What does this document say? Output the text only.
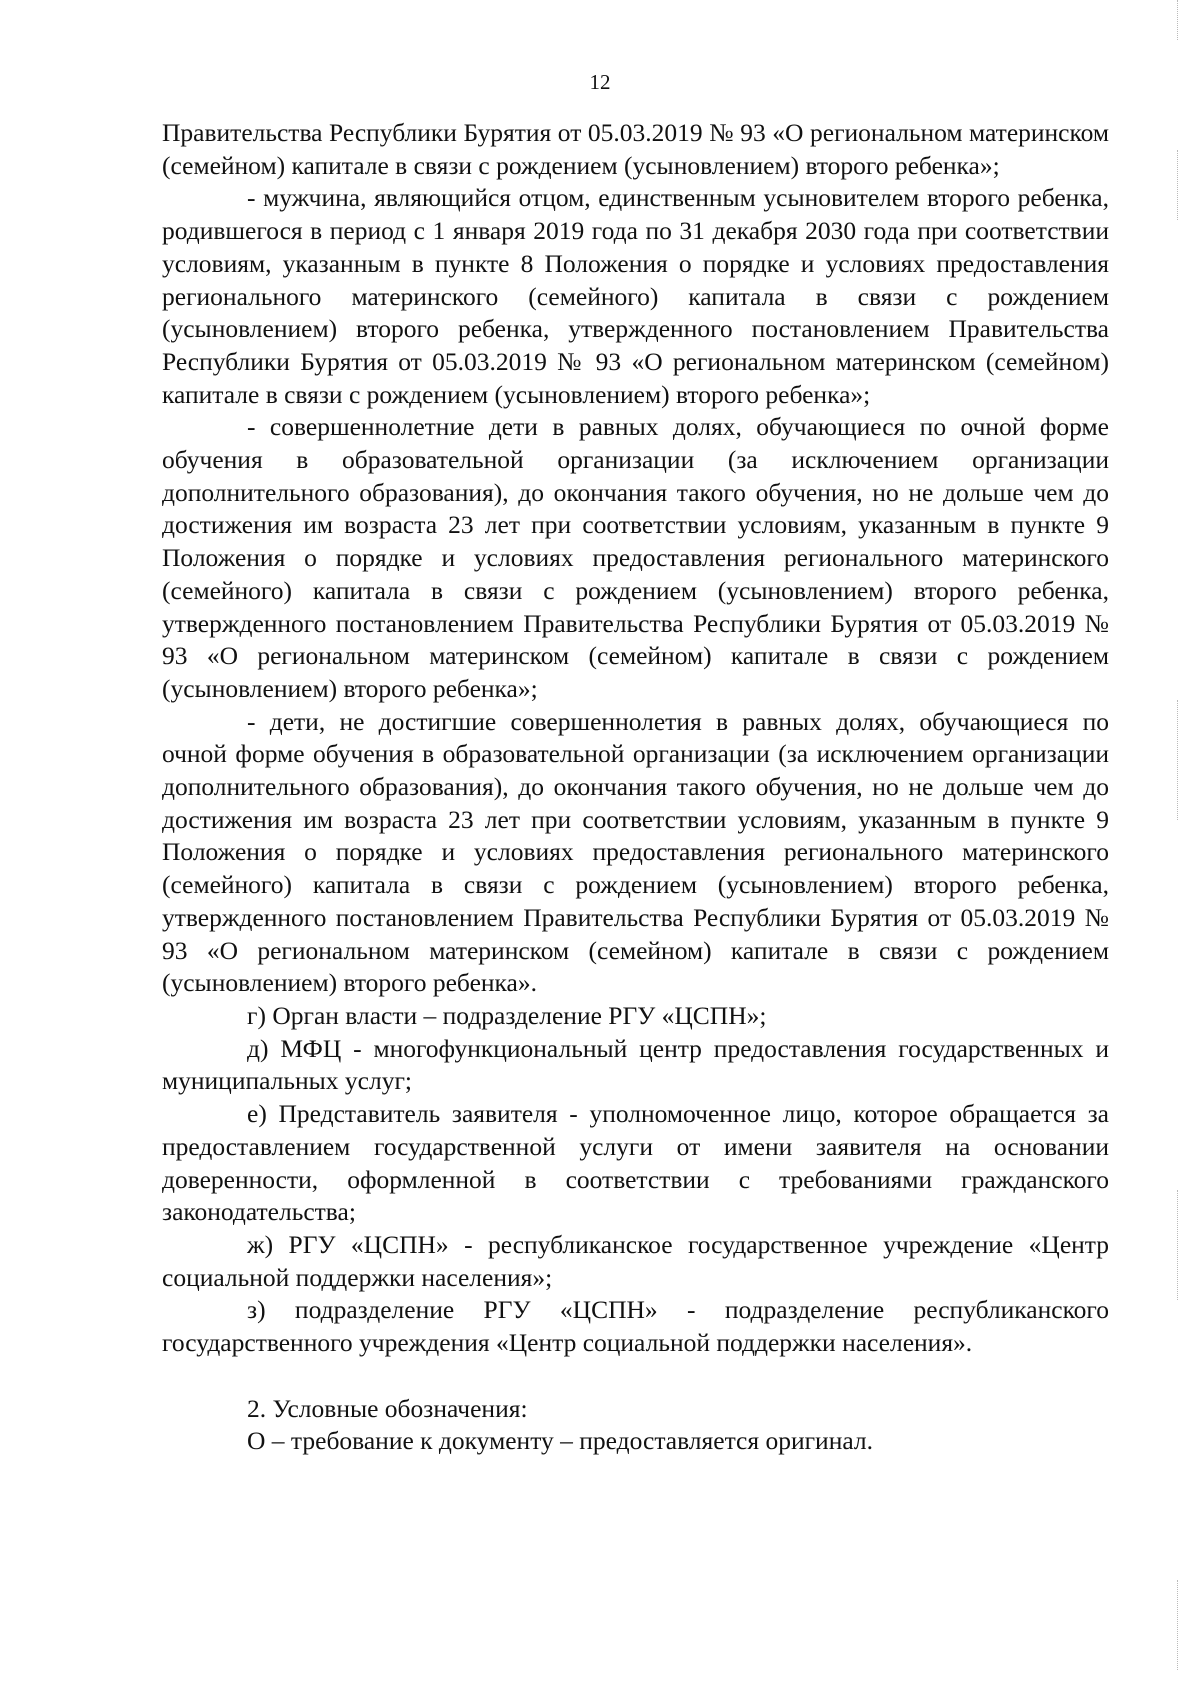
12

Правительства Республики Бурятия от 05.03.2019 № 93 «О региональном материнском (семейном) капитале в связи с рождением (усыновлением) второго ребенка»;

- мужчина, являющийся отцом, единственным усыновителем второго ребенка, родившегося в период с 1 января 2019 года по 31 декабря 2030 года при соответствии условиям, указанным в пункте 8 Положения о порядке и условиях предоставления регионального материнского (семейного) капитала в связи с рождением (усыновлением) второго ребенка, утвержденного постановлением Правительства Республики Бурятия от 05.03.2019 № 93 «О региональном материнском (семейном) капитале в связи с рождением (усыновлением) второго ребенка»;

- совершеннолетние дети в равных долях, обучающиеся по очной форме обучения в образовательной организации (за исключением организации дополнительного образования), до окончания такого обучения, но не дольше чем до достижения им возраста 23 лет при соответствии условиям, указанным в пункте 9 Положения о порядке и условиях предоставления регионального материнского (семейного) капитала в связи с рождением (усыновлением) второго ребенка, утвержденного постановлением Правительства Республики Бурятия от 05.03.2019 № 93 «О региональном материнском (семейном) капитале в связи с рождением (усыновлением) второго ребенка»;

- дети, не достигшие совершеннолетия в равных долях, обучающиеся по очной форме обучения в образовательной организации (за исключением организации дополнительного образования), до окончания такого обучения, но не дольше чем до достижения им возраста 23 лет при соответствии условиям, указанным в пункте 9 Положения о порядке и условиях предоставления регионального материнского (семейного) капитала в связи с рождением (усыновлением) второго ребенка, утвержденного постановлением Правительства Республики Бурятия от 05.03.2019 № 93 «О региональном материнском (семейном) капитале в связи с рождением (усыновлением) второго ребенка».

г) Орган власти – подразделение РГУ «ЦСПН»;

д) МФЦ - многофункциональный центр предоставления государственных и муниципальных услуг;

е) Представитель заявителя - уполномоченное лицо, которое обращается за предоставлением государственной услуги от имени заявителя на основании доверенности, оформленной в соответствии с требованиями гражданского законодательства;

ж) РГУ «ЦСПН» - республиканское государственное учреждение «Центр социальной поддержки населения»;

з) подразделение РГУ «ЦСПН» - подразделение республиканского государственного учреждения «Центр социальной поддержки населения».

2. Условные обозначения:

О – требование к документу – предоставляется оригинал.
